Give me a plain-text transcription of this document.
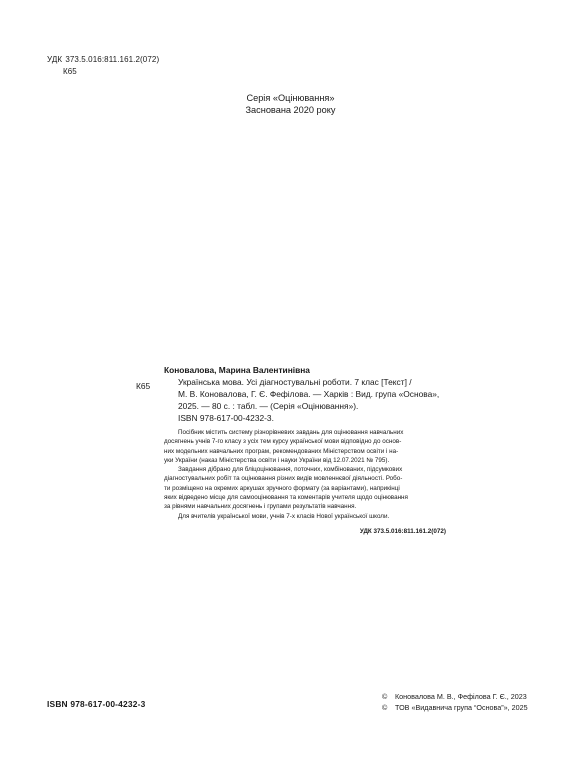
УДК 373.5.016:811.161.2(072)
К65
Серія «Оцінювання»
Заснована 2020 року
К65
Коновалова, Марина Валентинівна
Українська мова. Усі діагностувальні роботи. 7 клас [Текст] /
М. В. Коновалова, Г. Є. Фефілова. — Харків : Вид. група «Основа»,
2025. — 80 с. : табл. — (Серія «Оцінювання»).
ISBN 978-617-00-4232-3.
Посібник містить систему різнорівневих завдань для оцінювання навчальних
досягнень учнів 7-го класу з усіх тем курсу української мови відповідно до основ-
них модельних навчальних програм, рекомендованих Міністерством освіти і на-
уки України (наказ Міністерства освіти і науки України від 12.07.2021 № 795).
Завдання дібрано для бліцоцінювання, поточних, комбінованих, підсумкових
діагностувальних робіт та оцінювання різних видів мовленнєвої діяльності. Робо-
ти розміщено на окремих аркушах зручного формату (за варіантами), наприкінці
яких відведено місце для самооцінювання та коментарів учителя щодо оцінювання
за рівнями навчальних досягнень і групами результатів навчання.
Для вчителів української мови, учнів 7-х класів Нової української школи.
УДК 373.5.016:811.161.2(072)
ISBN 978-617-00-4232-3
© Коновалова М. В., Фефілова Г. Є., 2023
© ТОВ «Видавнича група “Основа”», 2025
